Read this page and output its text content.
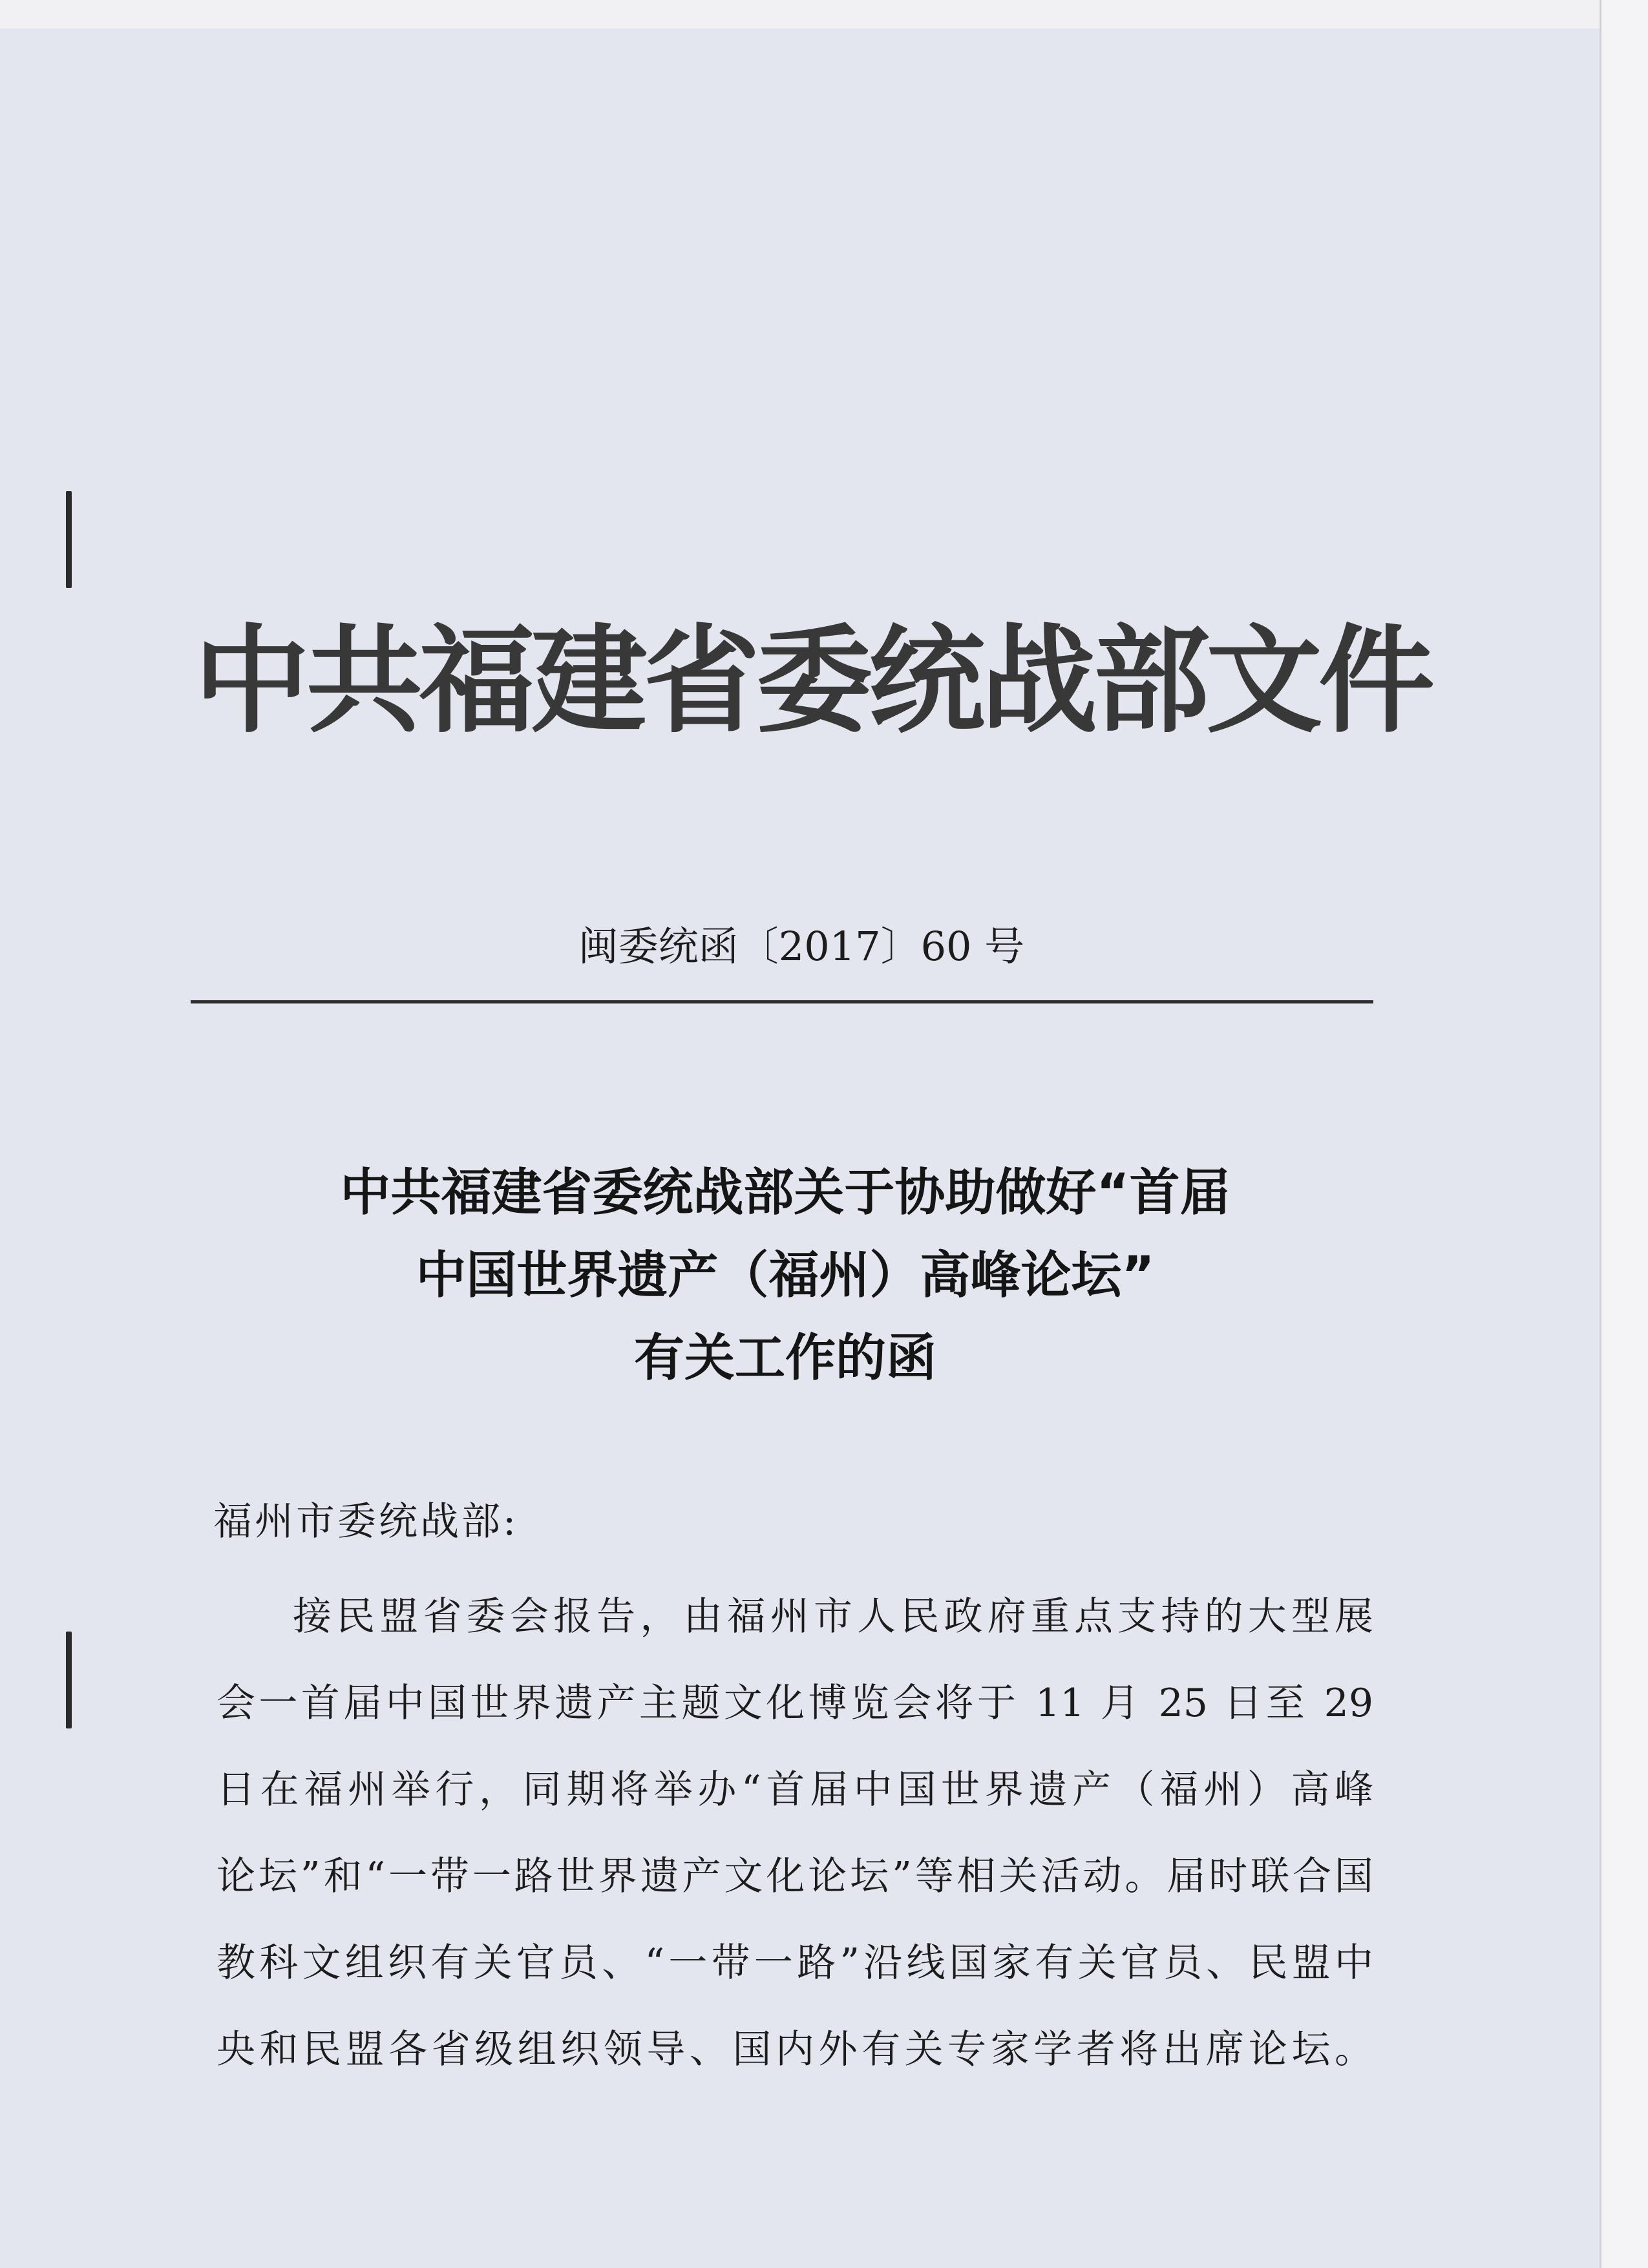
中共福建省委统战部文件
闽委统函〔2017〕60 号
中共福建省委统战部关于协助做好“首届
中国世界遗产（福州）高峰论坛”
有关工作的函
福州市委统战部:
接民盟省委会报告，由福州市人民政府重点支持的大型展
会一首届中国世界遗产主题文化博览会将于 11 月 25 日至 29
日在福州举行，同期将举办“首届中国世界遗产（福州）高峰
论坛”和“一带一路世界遗产文化论坛”等相关活动。届时联合国
教科文组织有关官员、“一带一路”沿线国家有关官员、民盟中
央和民盟各省级组织领导、国内外有关专家学者将出席论坛。
